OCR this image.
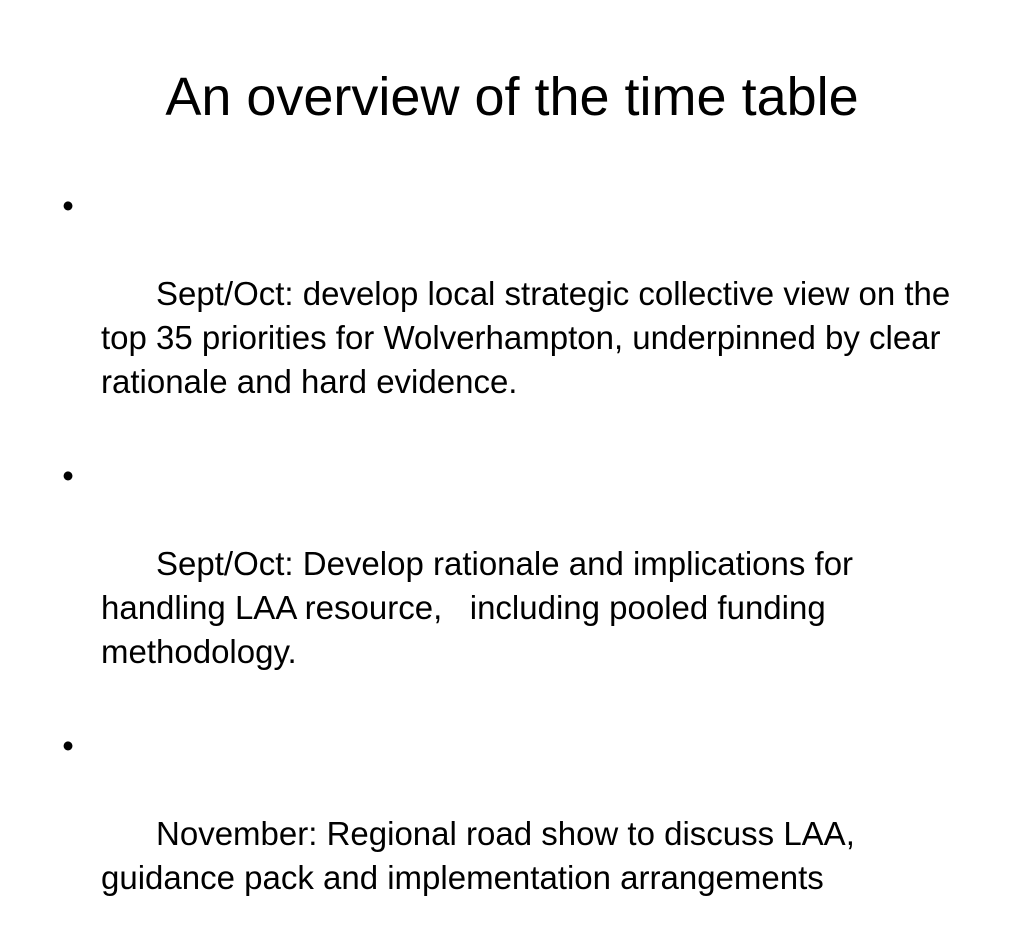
An overview of the time table

•

Sept/Oct: develop local strategic collective view on the top 35 priorities for Wolverhampton, underpinned by clear rationale and hard evidence.

•

Sept/Oct: Develop rationale and implications for handling LAA resource,   including pooled funding methodology.

•

November: Regional road show to discuss LAA, guidance pack and implementation arrangements
